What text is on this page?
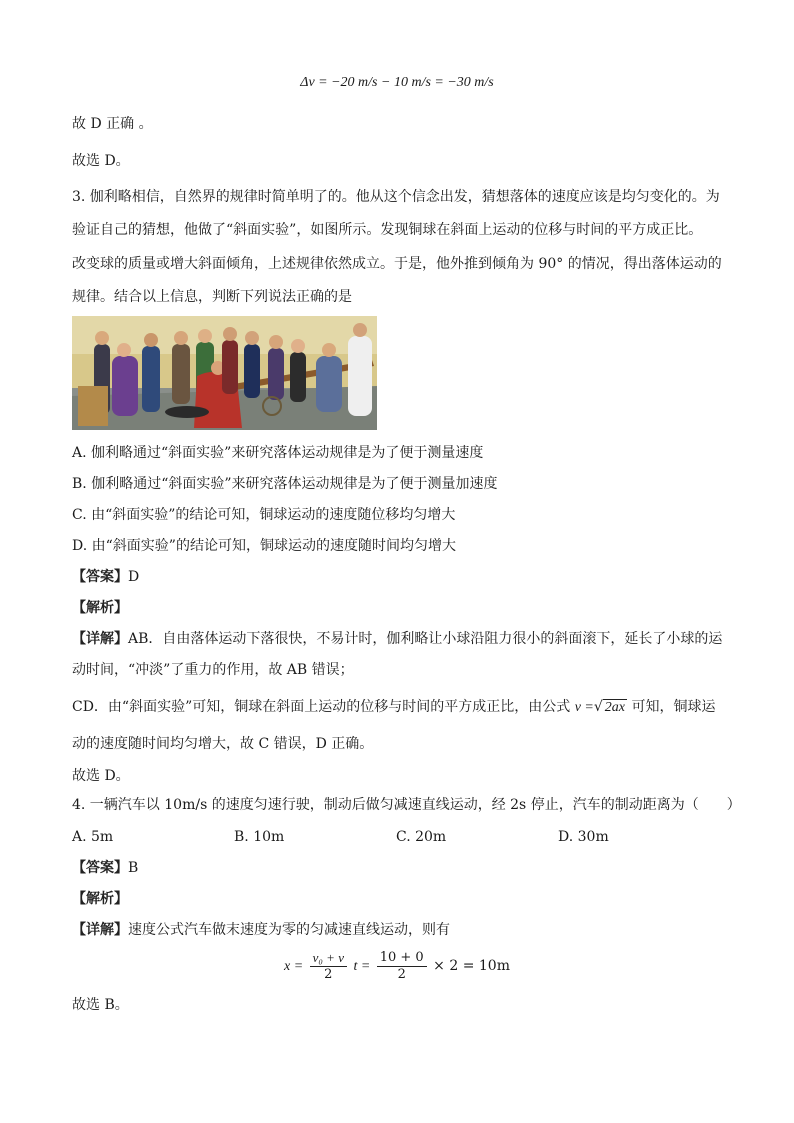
Δv = −20 m/s − 10 m/s = −30 m/s
故 D 正确 。
故选 D。
3. 伽利略相信，自然界的规律时简单明了的。他从这个信念出发，猜想落体的速度应该是均匀变化的。为
验证自己的猜想，他做了“斜面实验”，如图所示。发现铜球在斜面上运动的位移与时间的平方成正比。
改变球的质量或增大斜面倾角，上述规律依然成立。于是，他外推到倾角为 90° 的情况，得出落体运动的
规律。结合以上信息，判断下列说法正确的是
A. 伽利略通过“斜面实验”来研究落体运动规律是为了便于测量速度
B. 伽利略通过“斜面实验”来研究落体运动规律是为了便于测量加速度
C. 由“斜面实验”的结论可知，铜球运动的速度随位移均匀增大
D. 由“斜面实验”的结论可知，铜球运动的速度随时间均匀增大
【答案】D
【解析】
【详解】AB．自由落体运动下落很快，不易计时，伽利略让小球沿阻力很小的斜面滚下，延长了小球的运
动时间，“冲淡”了重力的作用，故 AB 错误；
CD．由“斜面实验”可知，铜球在斜面上运动的位移与时间的平方成正比，由公式 v =√ 2ax 可知，铜球运
动的速度随时间均匀增大，故 C 错误，D 正确。
故选 D。
4. 一辆汽车以 10m/s 的速度匀速行驶，制动后做匀减速直线运动，经 2s 停止，汽车的制动距离为（　　）
A. 5m	B. 10m	C. 20m	D. 30m
【答案】B
【解析】
【详解】速度公式汽车做末速度为零的匀减速直线运动，则有
$x = \frac{\text{v₀ + v}}{2}$ $t = \frac{10 + 0}{2} \times 2 = 10m$
故选 B。
